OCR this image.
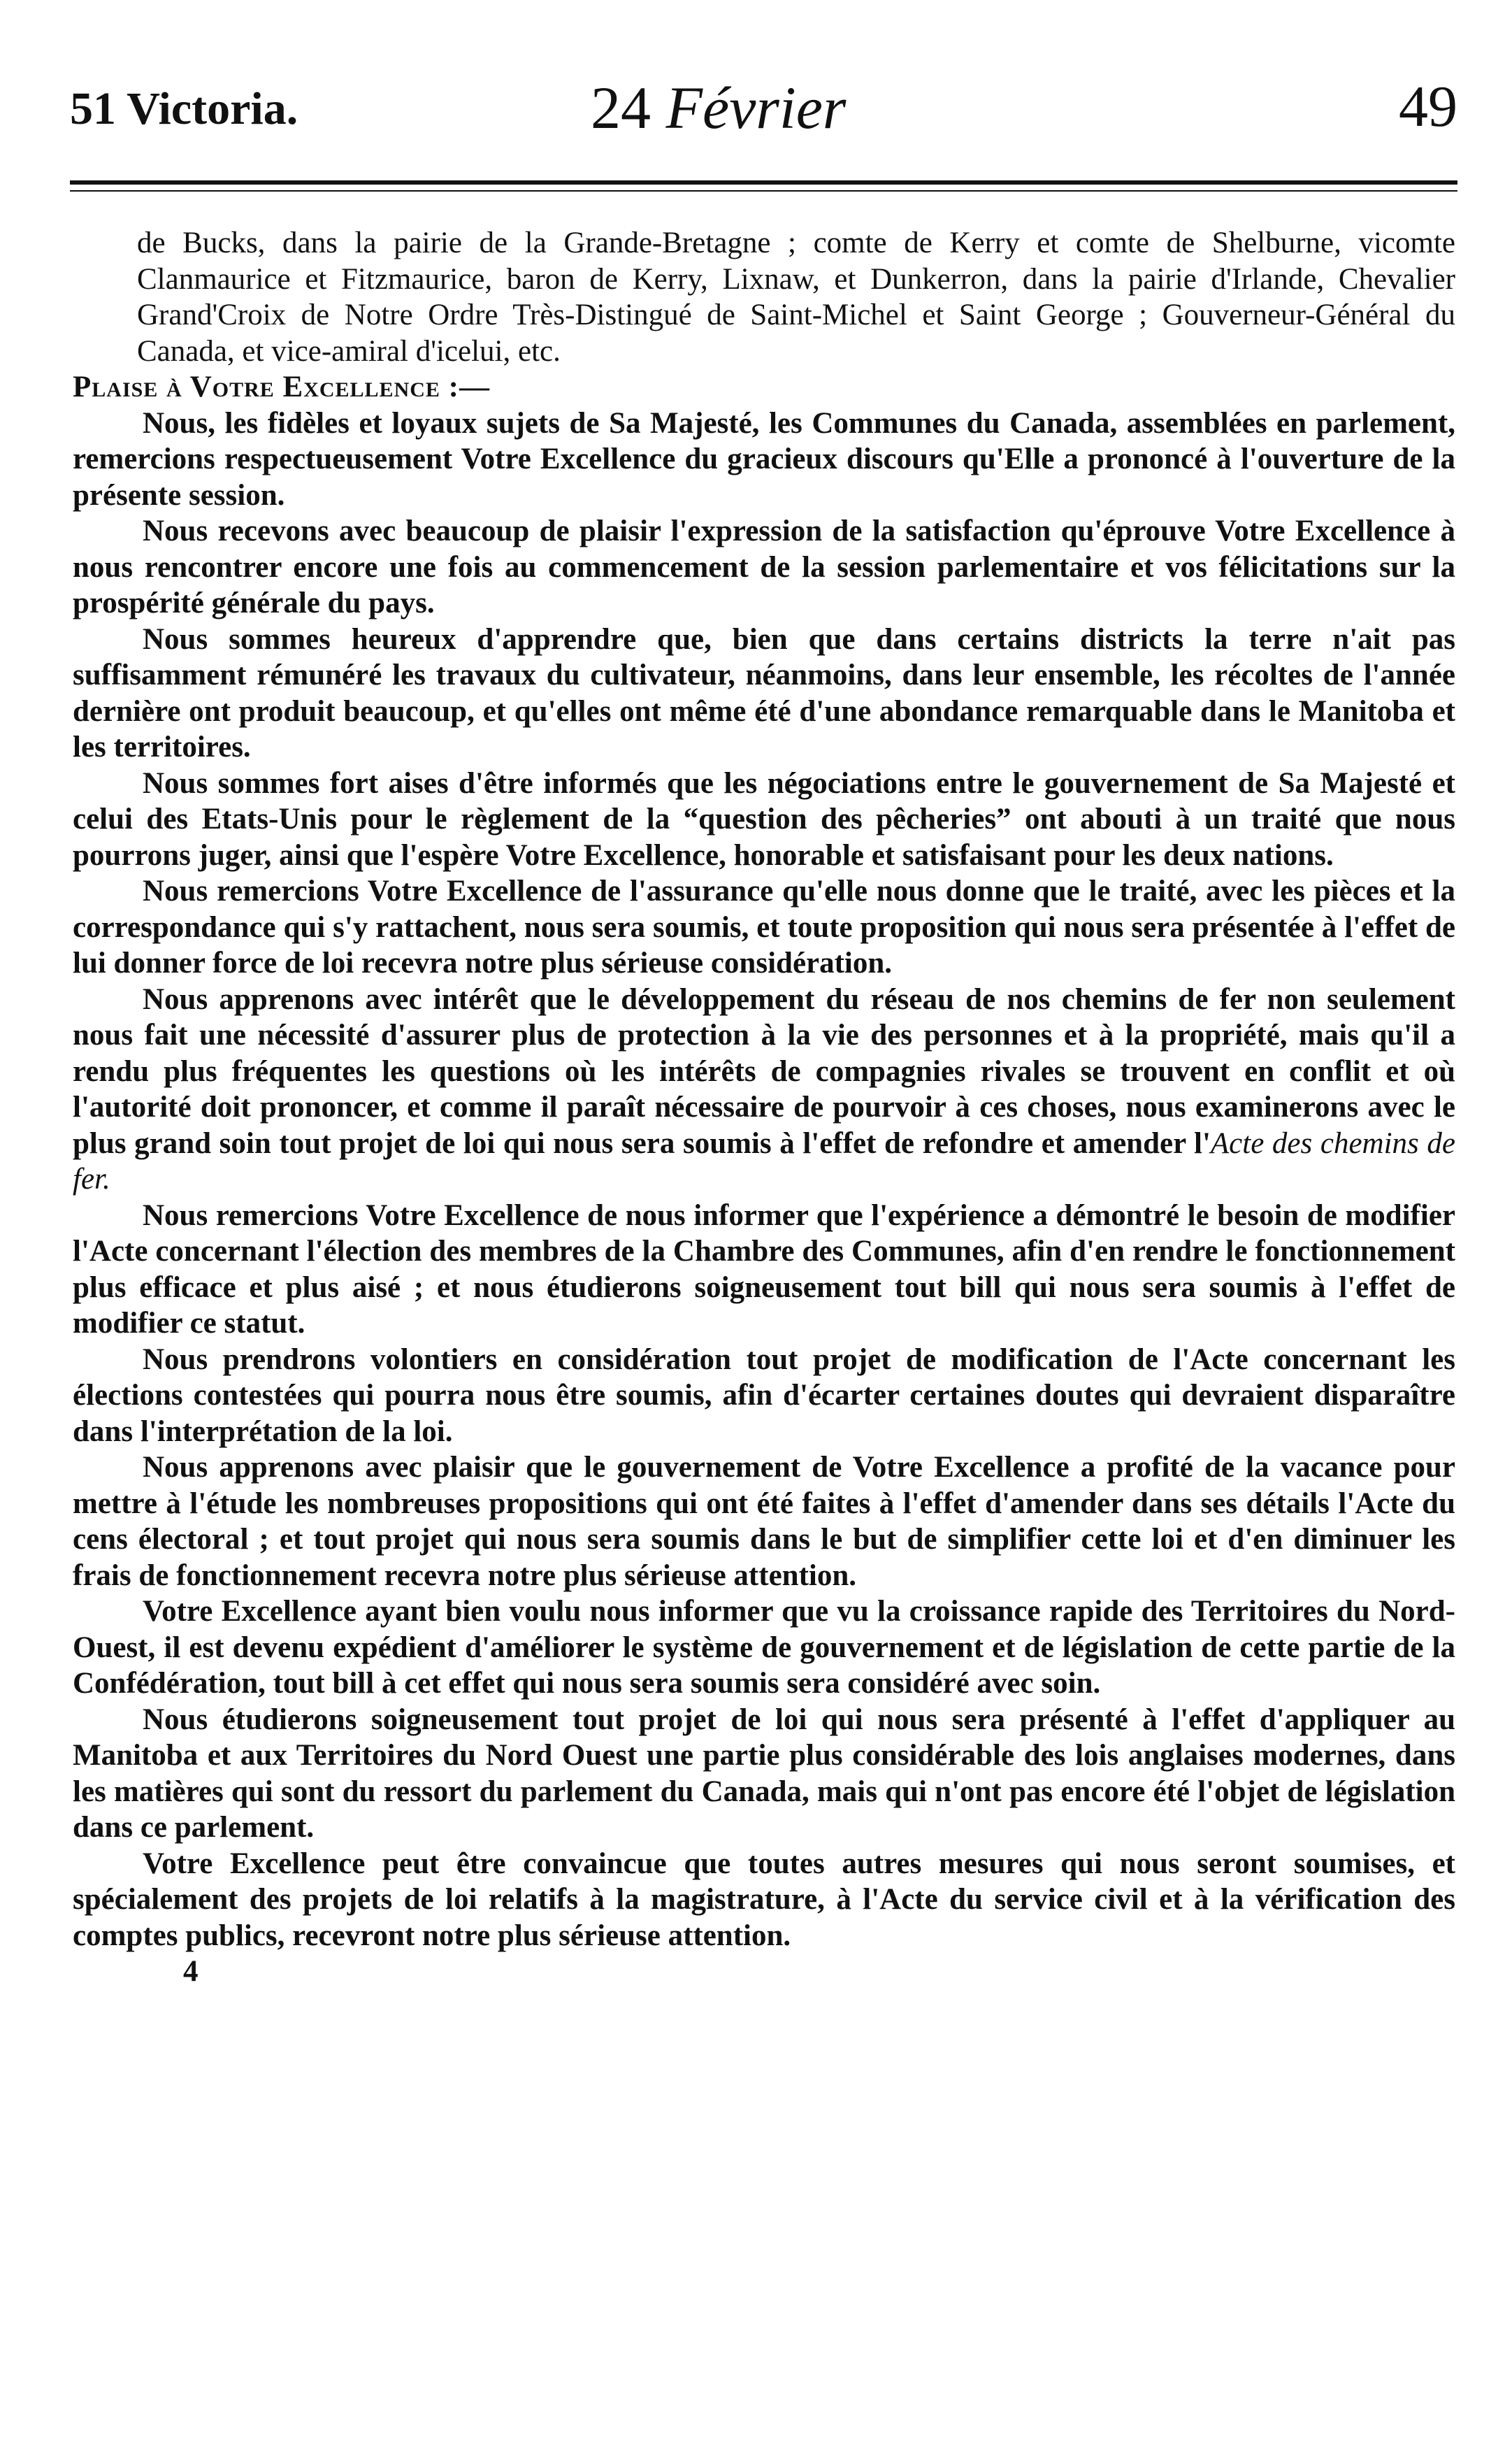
51 Victoria.	24 Février	49

de Bucks, dans la pairie de la Grande-Bretagne ; comte de Kerry et comte de Shelburne, vicomte Clanmaurice et Fitzmaurice, baron de Kerry, Lixnaw, et Dunkerron, dans la pairie d'Irlande, Chevalier Grand'Croix de Notre Ordre Très-Distingué de Saint-Michel et Saint George ; Gouverneur-Général du Canada, et vice-amiral d'icelui, etc.

Plaise à Votre Excellence :—

Nous, les fidèles et loyaux sujets de Sa Majesté, les Communes du Canada, assemblées en parlement, remercions respectueusement Votre Excellence du gracieux discours qu'Elle a prononcé à l'ouverture de la présente session.

Nous recevons avec beaucoup de plaisir l'expression de la satisfaction qu'éprouve Votre Excellence à nous rencontrer encore une fois au commencement de la session parlementaire et vos félicitations sur la prospérité générale du pays.

Nous sommes heureux d'apprendre que, bien que dans certains districts la terre n'ait pas suffisamment rémunéré les travaux du cultivateur, néanmoins, dans leur ensemble, les récoltes de l'année dernière ont produit beaucoup, et qu'elles ont même été d'une abondance remarquable dans le Manitoba et les territoires.

Nous sommes fort aises d'être informés que les négociations entre le gouvernement de Sa Majesté et celui des Etats-Unis pour le règlement de la “question des pêcheries” ont abouti à un traité que nous pourrons juger, ainsi que l'espère Votre Excellence, honorable et satisfaisant pour les deux nations.

Nous remercions Votre Excellence de l'assurance qu'elle nous donne que le traité, avec les pièces et la correspondance qui s'y rattachent, nous sera soumis, et toute proposition qui nous sera présentée à l'effet de lui donner force de loi recevra notre plus sérieuse considération.

Nous apprenons avec intérêt que le développement du réseau de nos chemins de fer non seulement nous fait une nécessité d'assurer plus de protection à la vie des personnes et à la propriété, mais qu'il a rendu plus fréquentes les questions où les intérêts de compagnies rivales se trouvent en conflit et où l'autorité doit prononcer, et comme il paraît nécessaire de pourvoir à ces choses, nous examinerons avec le plus grand soin tout projet de loi qui nous sera soumis à l'effet de refondre et amender l'Acte des chemins de fer.

Nous remercions Votre Excellence de nous informer que l'expérience a démontré le besoin de modifier l'Acte concernant l'élection des membres de la Chambre des Communes, afin d'en rendre le fonctionnement plus efficace et plus aisé ; et nous étudierons soigneusement tout bill qui nous sera soumis à l'effet de modifier ce statut.

Nous prendrons volontiers en considération tout projet de modification de l'Acte concernant les élections contestées qui pourra nous être soumis, afin d'écarter certaines doutes qui devraient disparaître dans l'interprétation de la loi.

Nous apprenons avec plaisir que le gouvernement de Votre Excellence a profité de la vacance pour mettre à l'étude les nombreuses propositions qui ont été faites à l'effet d'amender dans ses détails l'Acte du cens électoral ; et tout projet qui nous sera soumis dans le but de simplifier cette loi et d'en diminuer les frais de fonctionnement recevra notre plus sérieuse attention.

Votre Excellence ayant bien voulu nous informer que vu la croissance rapide des Territoires du Nord-Ouest, il est devenu expédient d'améliorer le système de gouvernement et de législation de cette partie de la Confédération, tout bill à cet effet qui nous sera soumis sera considéré avec soin.

Nous étudierons soigneusement tout projet de loi qui nous sera présenté à l'effet d'appliquer au Manitoba et aux Territoires du Nord Ouest une partie plus considérable des lois anglaises modernes, dans les matières qui sont du ressort du parlement du Canada, mais qui n'ont pas encore été l'objet de législation dans ce parlement.

Votre Excellence peut être convaincue que toutes autres mesures qui nous seront soumises, et spécialement des projets de loi relatifs à la magistrature, à l'Acte du service civil et à la vérification des comptes publics, recevront notre plus sérieuse attention.

4
